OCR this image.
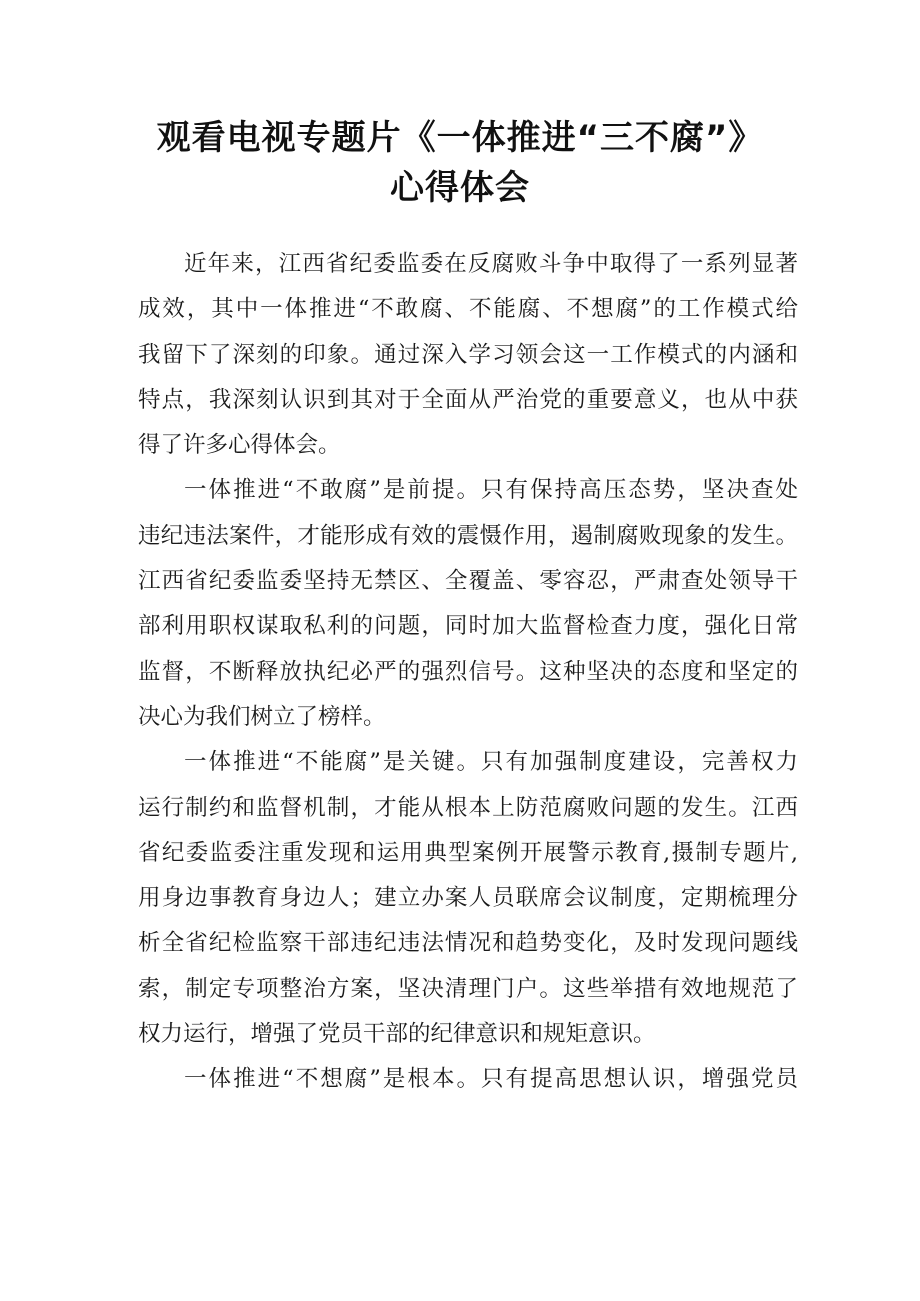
观看电视专题片《一体推进“三不腐”》
心得体会
近年来，江西省纪委监委在反腐败斗争中取得了一系列显著
成效，其中一体推进“不敢腐、不能腐、不想腐”的工作模式给
我留下了深刻的印象。通过深入学习领会这一工作模式的内涵和
特点，我深刻认识到其对于全面从严治党的重要意义，也从中获
得了许多心得体会。
一体推进“不敢腐”是前提。只有保持高压态势，坚决查处
违纪违法案件，才能形成有效的震慑作用，遏制腐败现象的发生。
江西省纪委监委坚持无禁区、全覆盖、零容忍，严肃查处领导干
部利用职权谋取私利的问题，同时加大监督检查力度，强化日常
监督，不断释放执纪必严的强烈信号。这种坚决的态度和坚定的
决心为我们树立了榜样。
一体推进“不能腐”是关键。只有加强制度建设，完善权力
运行制约和监督机制，才能从根本上防范腐败问题的发生。江西
省纪委监委注重发现和运用典型案例开展警示教育,摄制专题片,
用身边事教育身边人；建立办案人员联席会议制度，定期梳理分
析全省纪检监察干部违纪违法情况和趋势变化，及时发现问题线
索，制定专项整治方案，坚决清理门户。这些举措有效地规范了
权力运行，增强了党员干部的纪律意识和规矩意识。
一体推进“不想腐”是根本。只有提高思想认识，增强党员
